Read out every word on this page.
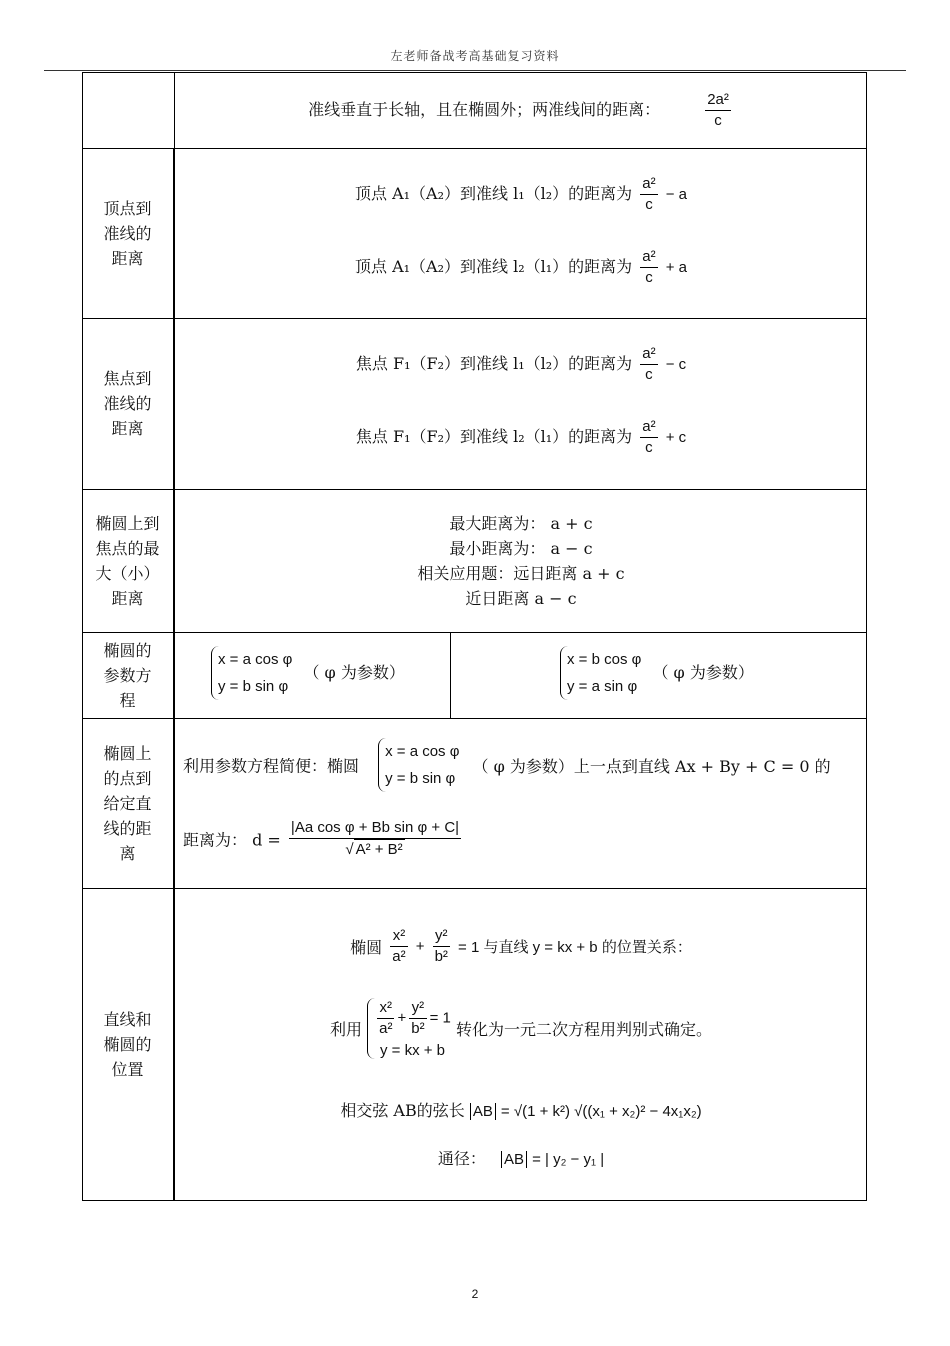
左老师备战考高基础复习资料
准线垂直于长轴，且在椭圆外；两准线间的距离：	$\frac{\text{2a²}}{c}$
顶点到准线的距离
顶点 A₁（A₂）到准线 l₁（l₂）的距离为 $\frac{\text{a²}}{c} - a$
顶点 A₁（A₂）到准线 l₂（l₁）的距离为 $\frac{\text{a²}}{c} + a$
焦点到准线的距离
焦点 F₁（F₂）到准线 l₁（l₂）的距离为 $\frac{\text{a²}}{c} - c$
焦点 F₁（F₂）到准线 l₂（l₁）的距离为 $\frac{\text{a²}}{c} + c$
椭圆上到焦点的最大（小）距离
最大距离为： a + c
最小距离为： a − c
相关应用题：远日距离 a + c
近日距离 a − c
椭圆的参数方程
x = a cos φ
y = b sin φ （ φ 为参数）
x = b cos φ
y = a sin φ （ φ 为参数）
椭圆上的点到给定直线的距离
利用参数方程简便：椭圆 x = a cos φ
y = b sin φ （ φ 为参数）上一点到直线 Ax + By + C = 0 的
距离为： $d = \frac{\text{|Aa cos φ + Bb sin φ + C|}}{\text{√ A² + B²}}$
直线和椭圆的位置
椭圆 $\frac{\text{x²}}{\text{a²}} + \frac{\text{y²}}{\text{b²}} = 1$ 与直线 y = kx + b 的位置关系：
利用 $\frac{\text{x²}}{\text{a²}} + \frac{\text{y²}}{\text{b²}} = 1$
y = kx + b
转化为一元二次方程用判别式确定。
相交弦 AB的弦长 AB = √(1 + k²) √((x₁ + x₂)² − 4x₁x₂)
通径： AB = | y₂ − y₁ |
2
